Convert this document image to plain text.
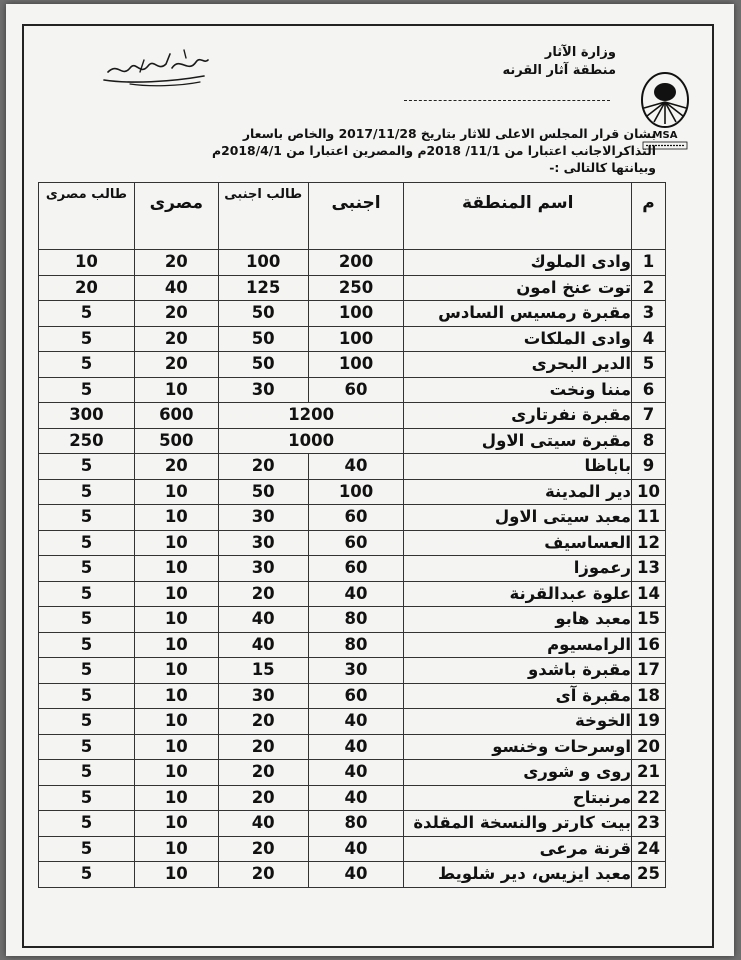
وزارة الآثار
منطقة آثار القرنه
MSA
بشان قرار المجلس الاعلى للاثار بتاريخ 2017/11/28 والخاص باسعار
التذاكرالاجانب اعتبارا من 11/1/ 2018م والمصرين اعتبارا من 2018/4/1م
وبيانتها كالتالى :-
م	اسم المنطقة	اجنبى	طالب اجنبى	مصرى	طالب مصرى
1	وادى الملوك	200	100	20	10
2	توت عنخ امون	250	125	40	20
3	مقبرة رمسيس السادس	100	50	20	5
4	وادى الملكات	100	50	20	5
5	الدير البحرى	100	50	20	5
6	مننا ونخت	60	30	10	5
7	مقبرة نفرتارى	1200		600	300
8	مقبرة سيتى الاول	1000		500	250
9	باباظا	40	20	20	5
10	دير المدينة	100	50	10	5
11	معبد سيتى الاول	60	30	10	5
12	العساسيف	60	30	10	5
13	رعموزا	60	30	10	5
14	علوة عبدالقرنة	40	20	10	5
15	معبد هابو	80	40	10	5
16	الرامسيوم	80	40	10	5
17	مقبرة باشدو	30	15	10	5
18	مقبرة آى	60	30	10	5
19	الخوخة	40	20	10	5
20	اوسرحات وخنسو	40	20	10	5
21	روى و شورى	40	20	10	5
22	مرنبتاح	40	20	10	5
23	بيت كارتر والنسخة المقلدة	80	40	10	5
24	قرنة مرعى	40	20	10	5
25	معبد ايزيس، دير شلويط	40	20	10	5
